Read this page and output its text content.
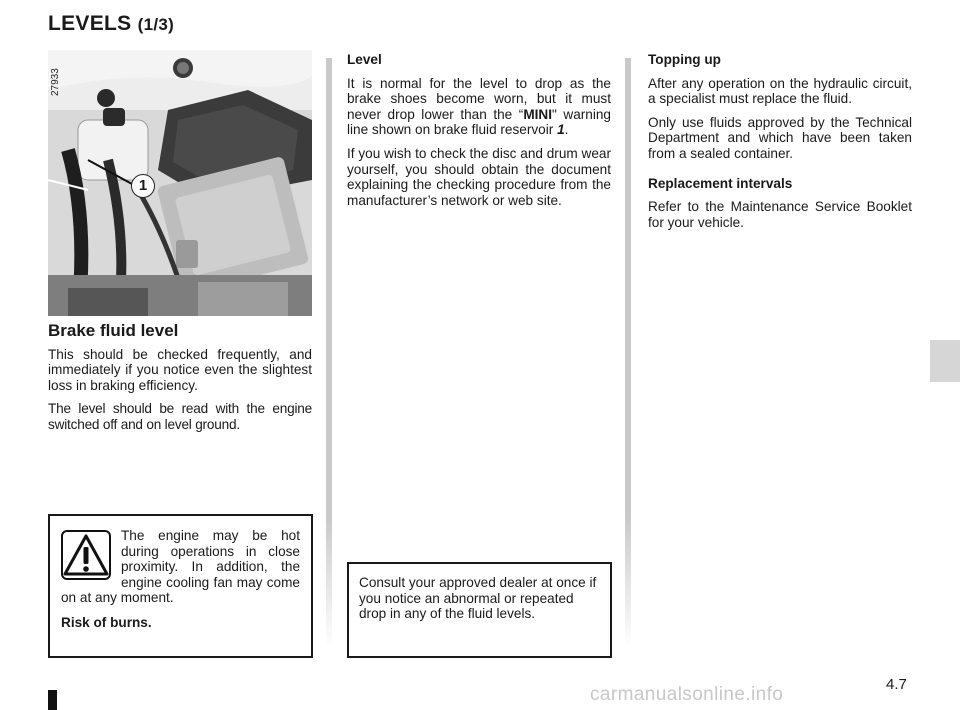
LEVELS (1/3)
27933
1
Brake fluid level

This should be checked frequently, and immediately if you notice even the slightest loss in braking efficiency.

The level should be read with the engine switched off and on level ground.

The engine may be hot during operations in close proximity. In addition, the engine cooling fan may come on at any moment.

Risk of burns.

Level

It is normal for the level to drop as the brake shoes become worn, but it must never drop lower than the “MINI" warning line shown on brake fluid reservoir 1.

If you wish to check the disc and drum wear yourself, you should obtain the document explaining the checking procedure from the manufacturer’s network or web site.

Consult your approved dealer at once if you notice an abnormal or repeated drop in any of the fluid levels.

Topping up

After any operation on the hydraulic circuit, a specialist must replace the fluid.

Only use fluids approved by the Technical Department and which have been taken from a sealed container.

Replacement intervals

Refer to the Maintenance Service Booklet for your vehicle.

4.7
carmanualsonline.info
